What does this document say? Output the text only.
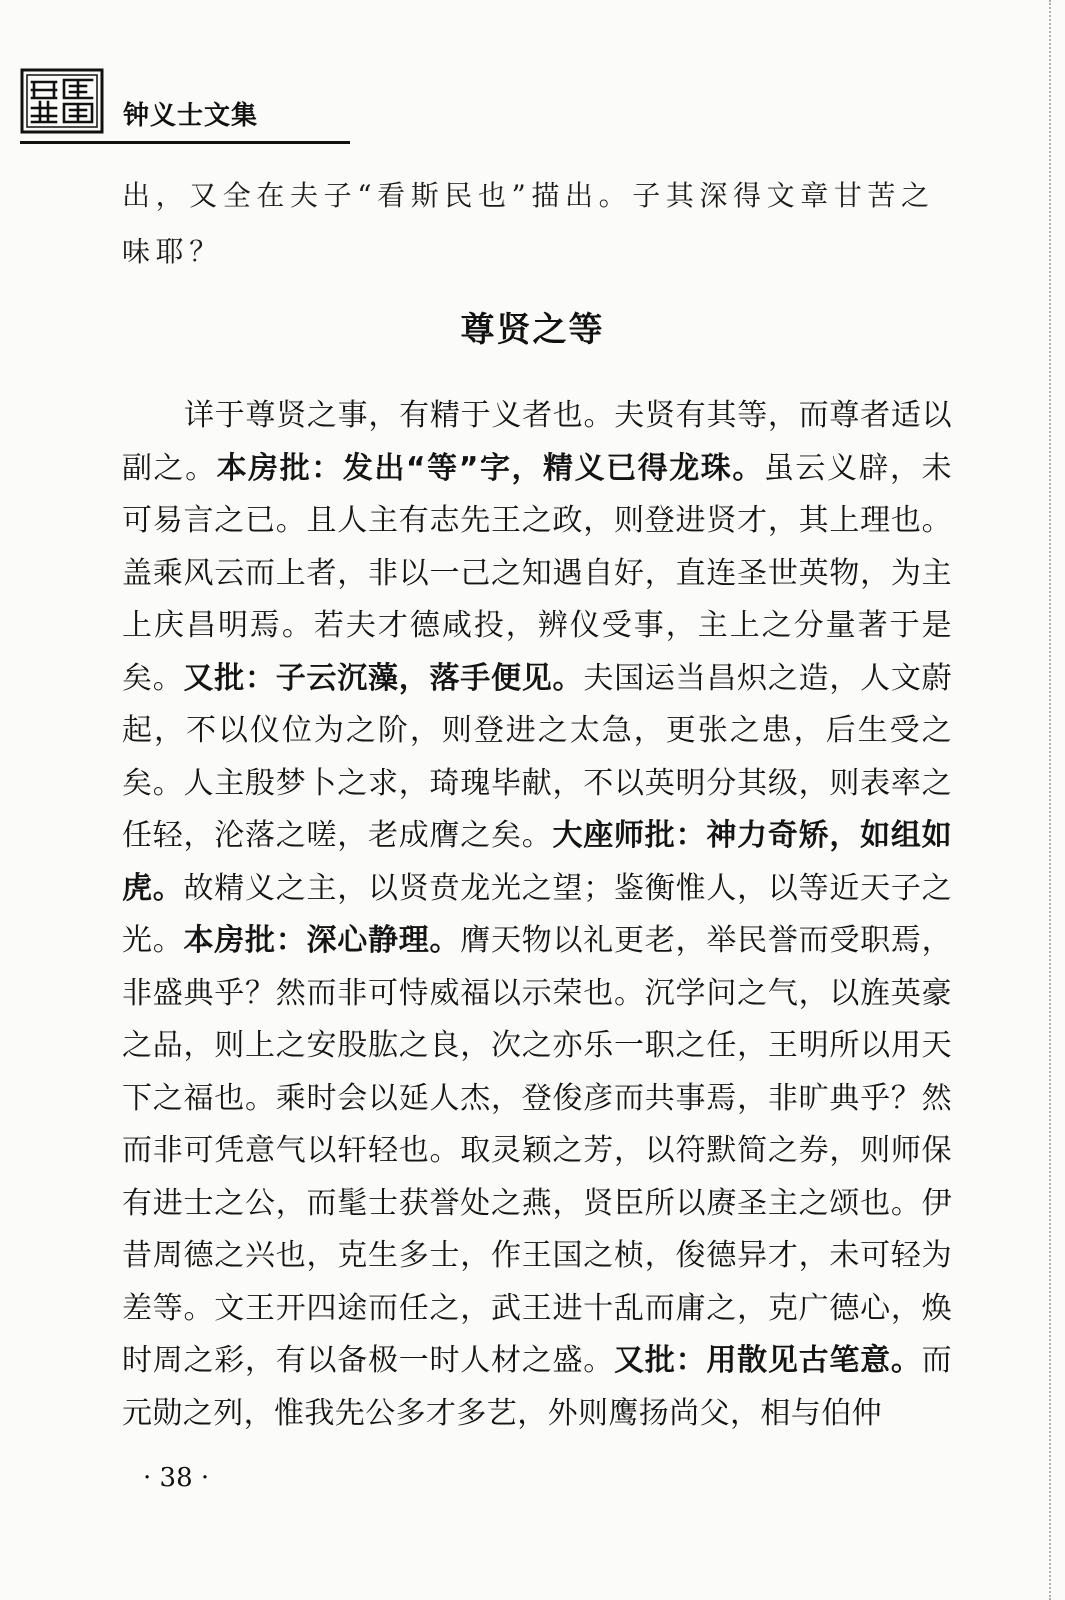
钟义士文集

出，又全在夫子“看斯民也”描出。子其深得文章甘苦之味耶？

尊贤之等

详于尊贤之事，有精于义者也。夫贤有其等，而尊者适以副之。本房批：发出“等”字，精义已得龙珠。虽云义辟，未可易言之已。且人主有志先王之政，则登进贤才，其上理也。盖乘风云而上者，非以一己之知遇自好，直连圣世英物，为主上庆昌明焉。若夫才德咸投，辨仪受事，主上之分量著于是矣。又批：子云沉藻，落手便见。夫国运当昌炽之造，人文蔚起，不以仪位为之阶，则登进之太急，更张之患，后生受之矣。人主殷梦卜之求，琦瑰毕献，不以英明分其级，则表率之任轻，沦落之嗟，老成膺之矣。大座师批：神力奇矫，如组如虎。故精义之主，以贤贲龙光之望；鉴衡惟人，以等近天子之光。本房批：深心静理。膺天物以礼更老，举民誉而受职焉，非盛典乎？然而非可恃威福以示荣也。沉学问之气，以旌英豪之品，则上之安股肱之良，次之亦乐一职之任，王明所以用天下之福也。乘时会以延人杰，登俊彦而共事焉，非旷典乎？然而非可凭意气以轩轻也。取灵颖之芳，以符默简之券，则师保有进士之公，而髦士获誉处之燕，贤臣所以赓圣主之颂也。伊昔周德之兴也，克生多士，作王国之桢，俊德异才，未可轻为差等。文王开四途而任之，武王进十乱而庸之，克广德心，焕时周之彩，有以备极一时人材之盛。又批：用散见古笔意。而元勋之列，惟我先公多才多艺，外则鹰扬尚父，相与伯仲

· 38 ·
